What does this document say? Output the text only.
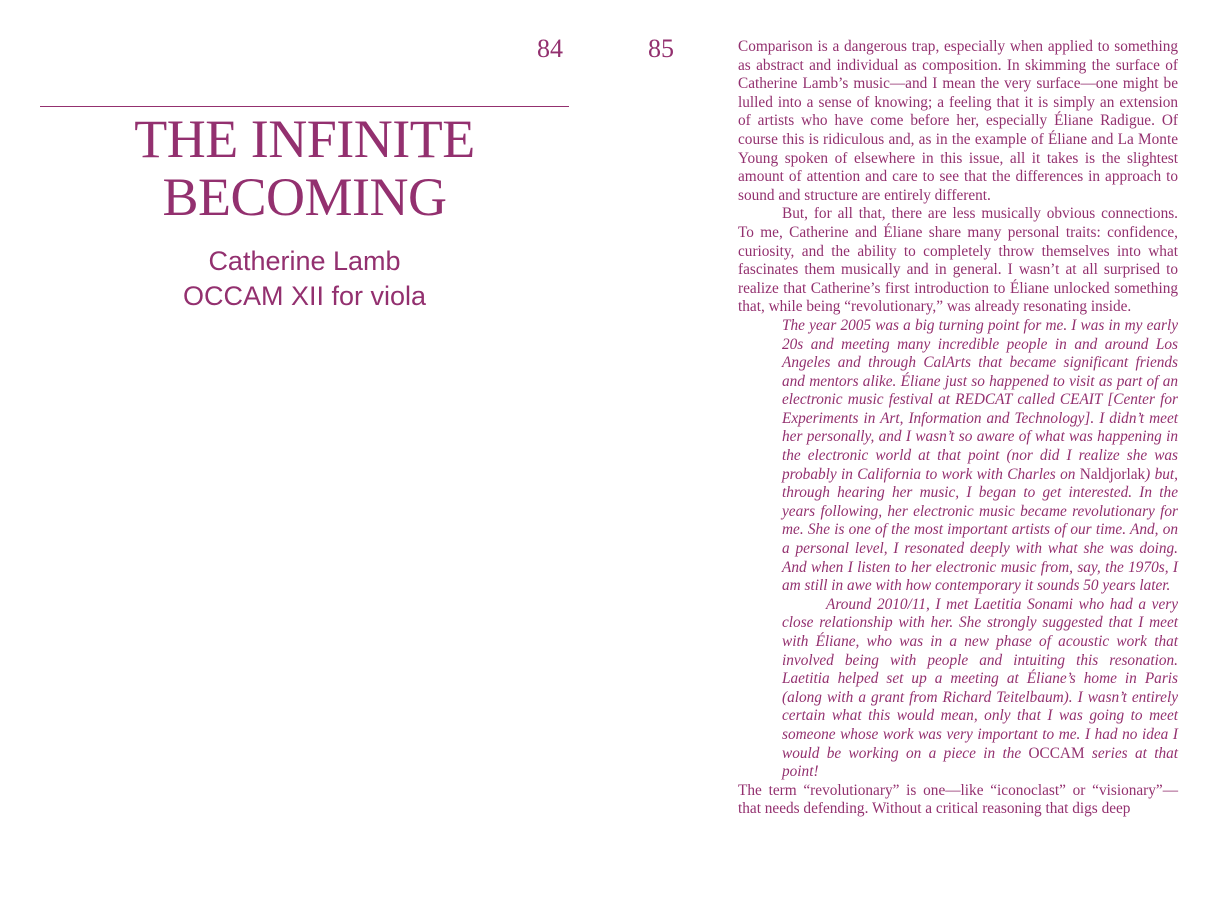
84	85
THE INFINITE
BECOMING
Catherine Lamb
OCCAM XII for viola

Comparison is a dangerous trap, especially when applied to something as abstract and individual as composition. In skimming the surface of Catherine Lamb’s music—and I mean the very surface—one might be lulled into a sense of knowing; a feeling that it is simply an extension of artists who have come before her, especially Éliane Radigue. Of course this is ridiculous and, as in the example of Éliane and La Monte Young spoken of elsewhere in this issue, all it takes is the slightest amount of attention and care to see that the differences in approach to sound and structure are entirely different.

But, for all that, there are less musically obvious connections. To me, Catherine and Éliane share many personal traits: confidence, curiosity, and the ability to completely throw themselves into what fascinates them musically and in general. I wasn’t at all surprised to realize that Catherine’s first introduction to Éliane unlocked something that, while being “revolutionary,” was already resonating inside.

The year 2005 was a big turning point for me. I was in my early 20s and meeting many incredible people in and around Los Angeles and through CalArts that became significant friends and mentors alike. Éliane just so happened to visit as part of an electronic music festival at REDCAT called CEAIT [Center for Experiments in Art, Information and Technology]. I didn’t meet her personally, and I wasn’t so aware of what was happening in the electronic world at that point (nor did I realize she was probably in California to work with Charles on Naldjorlak) but, through hearing her music, I began to get interested. In the years following, her electronic music became revolutionary for me. She is one of the most important artists of our time. And, on a personal level, I resonated deeply with what she was doing. And when I listen to her electronic music from, say, the 1970s, I am still in awe with how contemporary it sounds 50 years later.

Around 2010/11, I met Laetitia Sonami who had a very close relationship with her. She strongly suggested that I meet with Éliane, who was in a new phase of acoustic work that involved being with people and intuiting this resonation. Laetitia helped set up a meeting at Éliane’s home in Paris (along with a grant from Richard Teitelbaum). I wasn’t entirely certain what this would mean, only that I was going to meet someone whose work was very important to me. I had no idea I would be working on a piece in the OCCAM series at that point!

The term “revolutionary” is one—like “iconoclast” or “visionary”—that needs defending. Without a critical reasoning that digs deep
